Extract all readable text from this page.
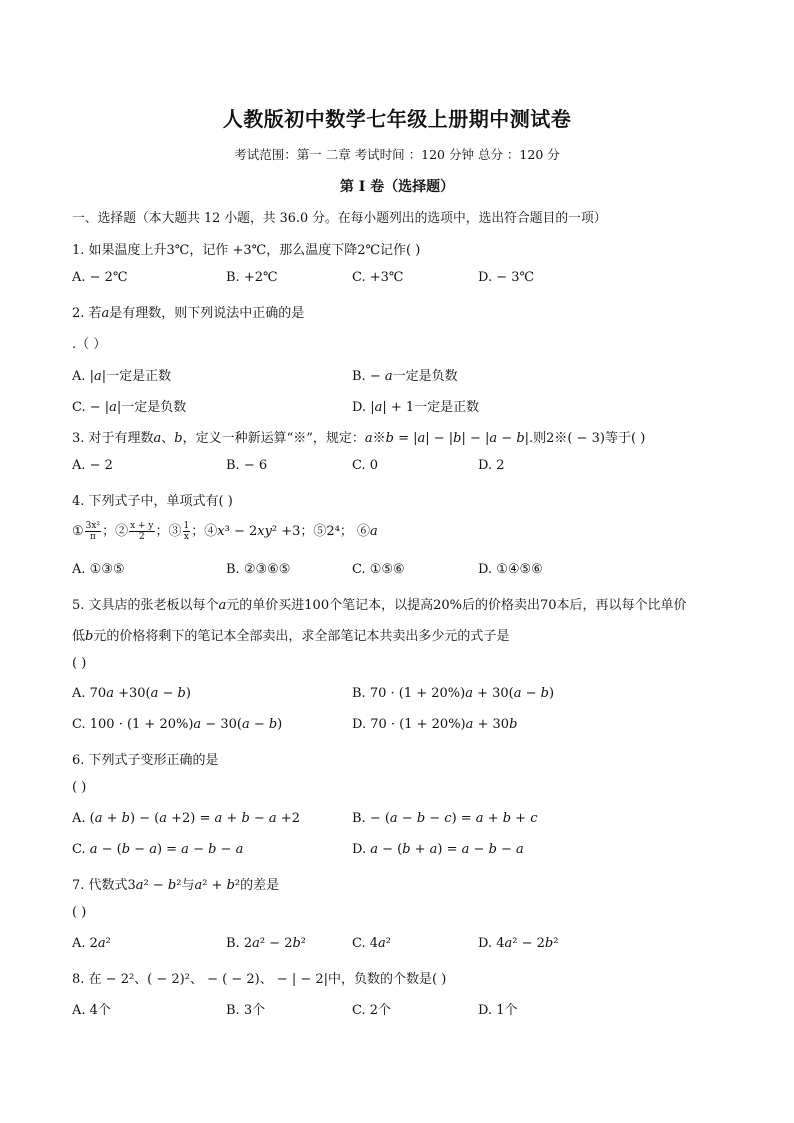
人教版初中数学七年级上册期中测试卷
考试范围：第一 二章 考试时间 ：120 分钟 总分 ：120 分
第 I 卷（选择题）
一、选择题（本大题共 12 小题，共 36.0 分。在每小题列出的选项中，选出符合题目的一项）
1. 如果温度上升3℃，记作 +3℃，那么温度下降2℃记作( )
A. − 2℃	B. +2℃	C. +3℃	D. − 3℃
2. 若𝑎是有理数，则下列说法中正确的是
.（ ）
A. |𝑎|一定是正数	B. − 𝑎一定是负数
C. − |𝑎|一定是负数	D. |𝑎| + 1一定是正数
3. 对于有理数𝑎、𝑏，定义一种新运算“※”，规定：𝑎※𝑏 = |𝑎| − |𝑏| − |𝑎 − 𝑏|.则2※( − 3)等于( )
A. − 2	B. − 6	C. 0	D. 2
4. 下列式子中，单项式有( )
① $\frac{\text{3x²}}{\pi}$ ；② $\frac{x + y}{2}$ ；③ $\frac{1}{x}$ ；④𝑥³ − 2𝑥𝑦² +3；⑤2⁴； ⑥𝑎
A. ①③⑤	B. ②③⑥⑤	C. ①⑤⑥	D. ①④⑤⑥
5. 文具店的张老板以每个𝑎元的单价买进100个笔记本，以提高20%后的价格卖出70本后，再以每个比单价
低𝑏元的价格将剩下的笔记本全部卖出，求全部笔记本共卖出多少元的式子是
( )
A. 70𝑎 +30(𝑎 − 𝑏)	B. 70 · (1 + 20%)𝑎 + 30(𝑎 − 𝑏)
C. 100 · (1 + 20%)𝑎 − 30(𝑎 − 𝑏)	D. 70 · (1 + 20%)𝑎 + 30𝑏
6. 下列式子变形正确的是
( )
A. (𝑎 + 𝑏) − (𝑎 +2) = 𝑎 + 𝑏 − 𝑎 +2	B. − (𝑎 − 𝑏 − 𝑐) = 𝑎 + 𝑏 + 𝑐
C. 𝑎 − (𝑏 − 𝑎) = 𝑎 − 𝑏 − 𝑎	D. 𝑎 − (𝑏 + 𝑎) = 𝑎 − 𝑏 − 𝑎
7. 代数式3𝑎² − 𝑏²与𝑎² + 𝑏²的差是
( )
A. 2𝑎²	B. 2𝑎² − 2𝑏²	C. 4𝑎²	D. 4𝑎² − 2𝑏²
8. 在 − 2²、( − 2)²、 − ( − 2)、 − | − 2|中，负数的个数是( )
A. 4个	B. 3个	C. 2个	D. 1个
